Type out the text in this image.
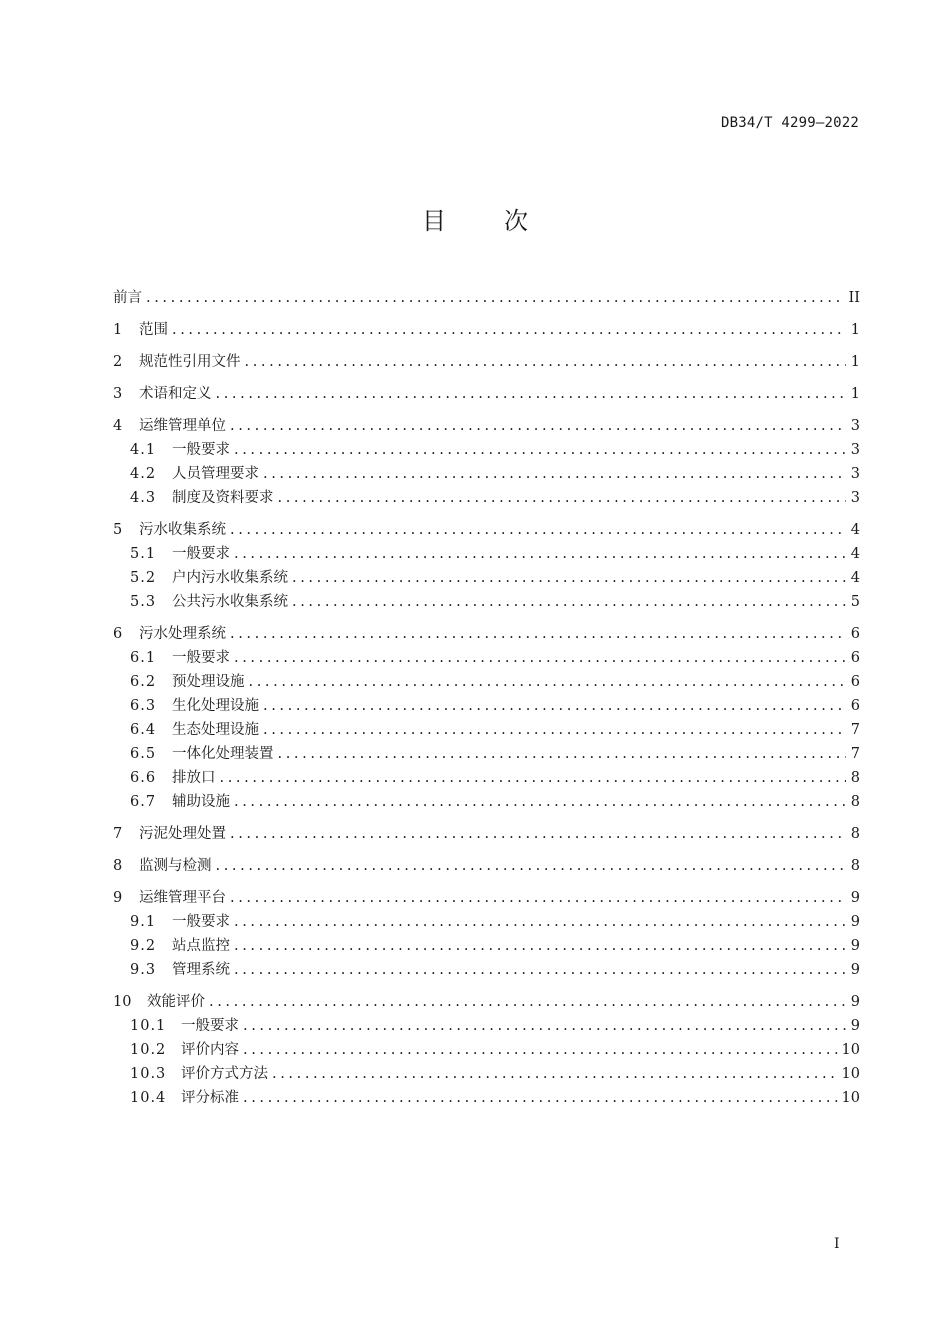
DB34/T 4299—2022
目 次
前言 .....	II
1	范围 .....	1
2	规范性引用文件 .....	1
3	术语和定义 .....	1
4	运维管理单位 .....	3
4.1	一般要求 .....	3
4.2	人员管理要求 .....	3
4.3	制度及资料要求 .....	3
5	污水收集系统 .....	4
5.1	一般要求 .....	4
5.2	户内污水收集系统 .....	4
5.3	公共污水收集系统 .....	5
6	污水处理系统 .....	6
6.1	一般要求 .....	6
6.2	预处理设施 .....	6
6.3	生化处理设施 .....	6
6.4	生态处理设施 .....	7
6.5	一体化处理装置 .....	7
6.6	排放口 .....	8
6.7	辅助设施 .....	8
7	污泥处理处置 .....	8
8	监测与检测 .....	8
9	运维管理平台 .....	9
9.1	一般要求 .....	9
9.2	站点监控 .....	9
9.3	管理系统 .....	9
10	效能评价 .....	9
10.1	一般要求 .....	9
10.2	评价内容 .....	10
10.3	评价方式方法 .....	10
10.4	评分标准 .....	10
I
